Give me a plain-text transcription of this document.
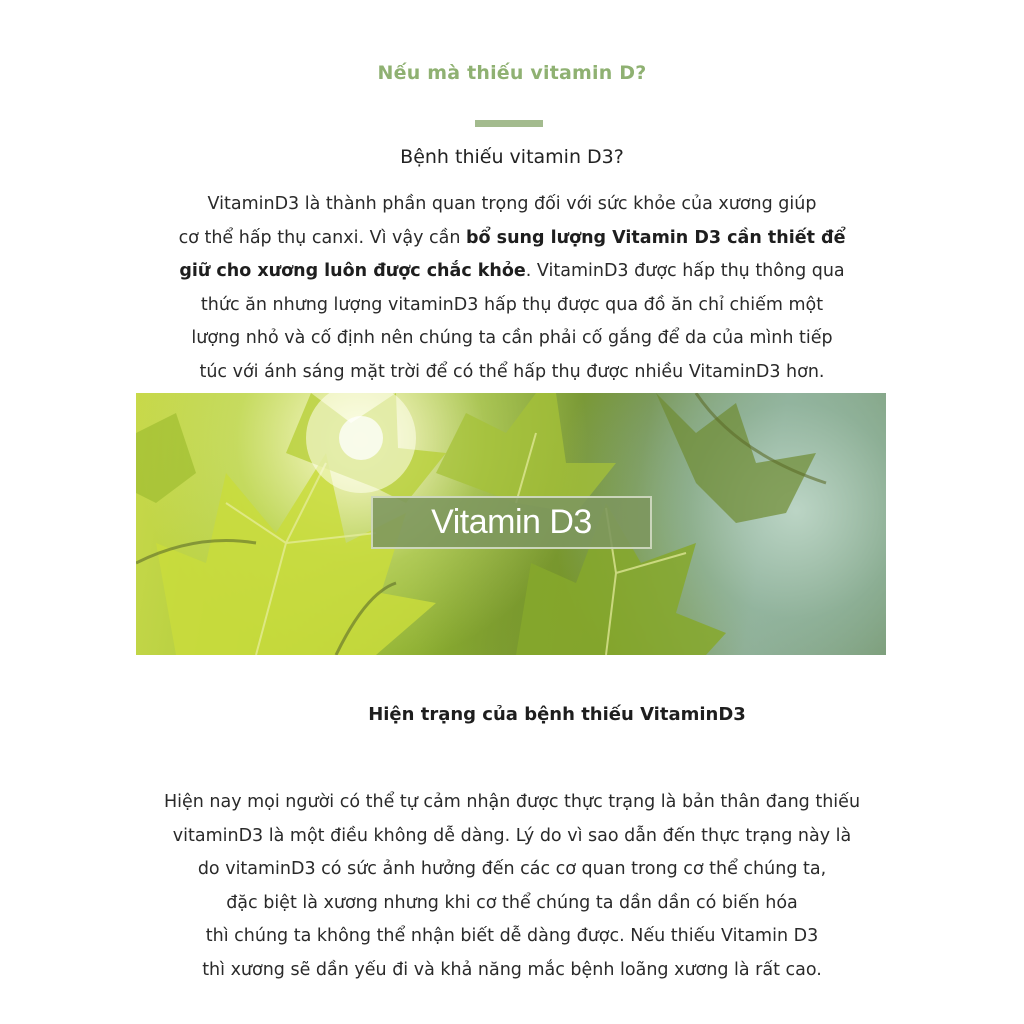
Nếu mà thiếu vitamin D?
Bệnh thiếu vitamin D3?
VitaminD3 là thành phần quan trọng đối với sức khỏe của xương giúp
cơ thể hấp thụ canxi. Vì vậy cần bổ sung lượng Vitamin D3 cần thiết để
giữ cho xương luôn được chắc khỏe. VitaminD3 được hấp thụ thông qua
thức ăn nhưng lượng vitaminD3 hấp thụ được qua đồ ăn chỉ chiếm một
lượng nhỏ và cố định nên chúng ta cần phải cố gắng để da của mình tiếp
túc với ánh sáng mặt trời để có thể hấp thụ được nhiều VitaminD3 hơn.
Vitamin D3
Hiện trạng của bệnh thiếu VitaminD3
Hiện nay mọi người có thể tự cảm nhận được thực trạng là bản thân đang thiếu
vitaminD3 là một điều không dễ dàng. Lý do vì sao dẫn đến thực trạng này là
do vitaminD3 có sức ảnh hưởng đến các cơ quan trong cơ thể chúng ta,
đặc biệt là xương nhưng khi cơ thể chúng ta dần dần có biến hóa
thì chúng ta không thể nhận biết dễ dàng được. Nếu thiếu Vitamin D3
thì xương sẽ dần yếu đi và khả năng mắc bệnh loãng xương là rất cao.
